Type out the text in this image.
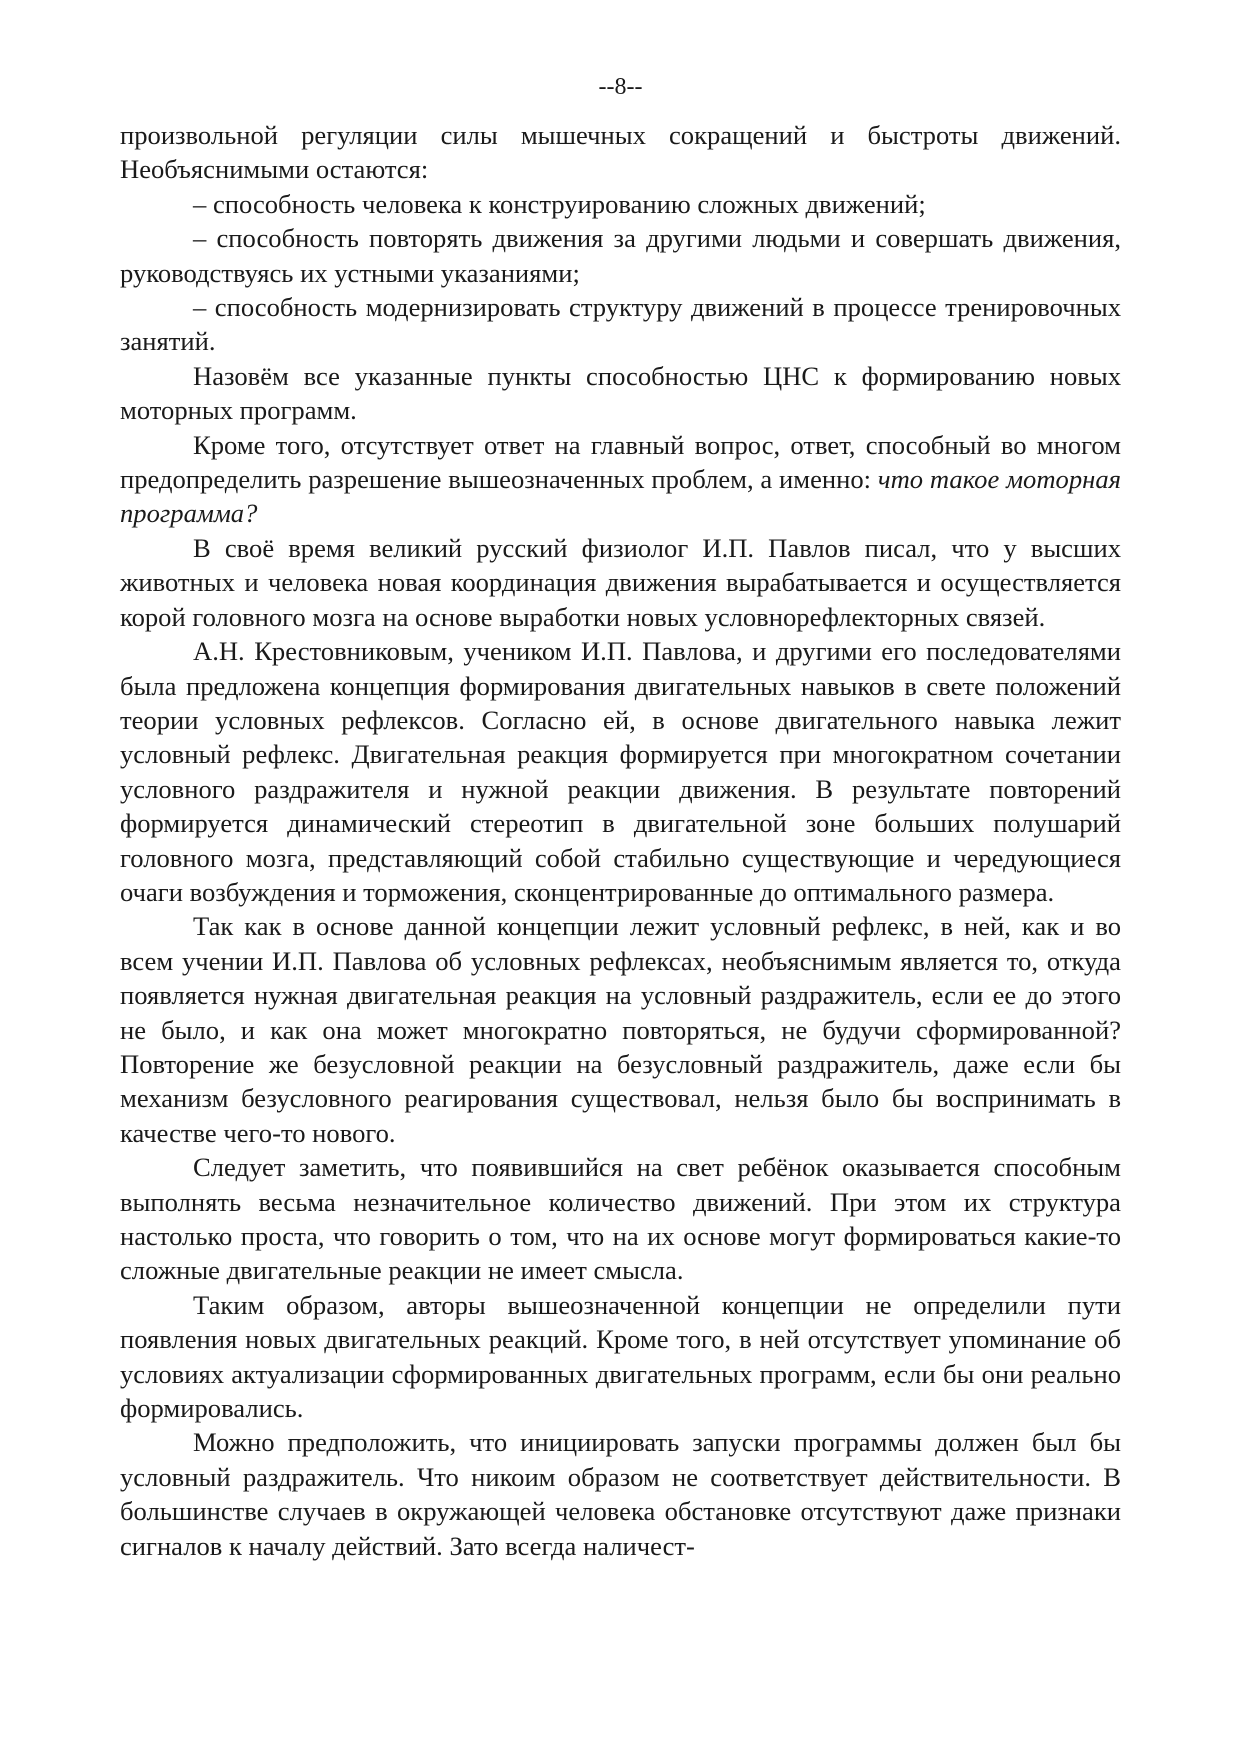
--8--

произвольной регуляции силы мышечных сокращений и быстроты движений. Необъяснимыми остаются:

– способность человека к конструированию сложных движений;

– способность повторять движения за другими людьми и совершать движения, руководствуясь их устными указаниями;

– способность модернизировать структуру движений в процессе тренировочных занятий.

Назовём все указанные пункты способностью ЦНС к формированию новых моторных программ.

Кроме того, отсутствует ответ на главный вопрос, ответ, способный во многом предопределить разрешение вышеозначенных проблем, а именно: что такое моторная программа?

В своё время великий русский физиолог И.П. Павлов писал, что у высших животных и человека новая координация движения вырабатывается и осуществляется корой головного мозга на основе выработки новых условнорефлекторных связей.

А.Н. Крестовниковым, учеником И.П. Павлова, и другими его последователями была предложена концепция формирования двигательных навыков в свете положений теории условных рефлексов. Согласно ей, в основе двигательного навыка лежит условный рефлекс. Двигательная реакция формируется при многократном сочетании условного раздражителя и нужной реакции движения. В результате повторений формируется динамический стереотип в двигательной зоне больших полушарий головного мозга, представляющий собой стабильно существующие и чередующиеся очаги возбуждения и торможения, сконцентрированные до оптимального размера.

Так как в основе данной концепции лежит условный рефлекс, в ней, как и во всем учении И.П. Павлова об условных рефлексах, необъяснимым является то, откуда появляется нужная двигательная реакция на условный раздражитель, если ее до этого не было, и как она может многократно повторяться, не будучи сформированной? Повторение же безусловной реакции на безусловный раздражитель, даже если бы механизм безусловного реагирования существовал, нельзя было бы воспринимать в качестве чего-то нового.

Следует заметить, что появившийся на свет ребёнок оказывается способным выполнять весьма незначительное количество движений. При этом их структура настолько проста, что говорить о том, что на их основе могут формироваться какие-то сложные двигательные реакции не имеет смысла.

Таким образом, авторы вышеозначенной концепции не определили пути появления новых двигательных реакций. Кроме того, в ней отсутствует упоминание об условиях актуализации сформированных двигательных программ, если бы они реально формировались.

Можно предположить, что инициировать запуски программы должен был бы условный раздражитель. Что никоим образом не соответствует действительности. В большинстве случаев в окружающей человека обстановке отсутствуют даже признаки сигналов к началу действий. Зато всегда наличест-
